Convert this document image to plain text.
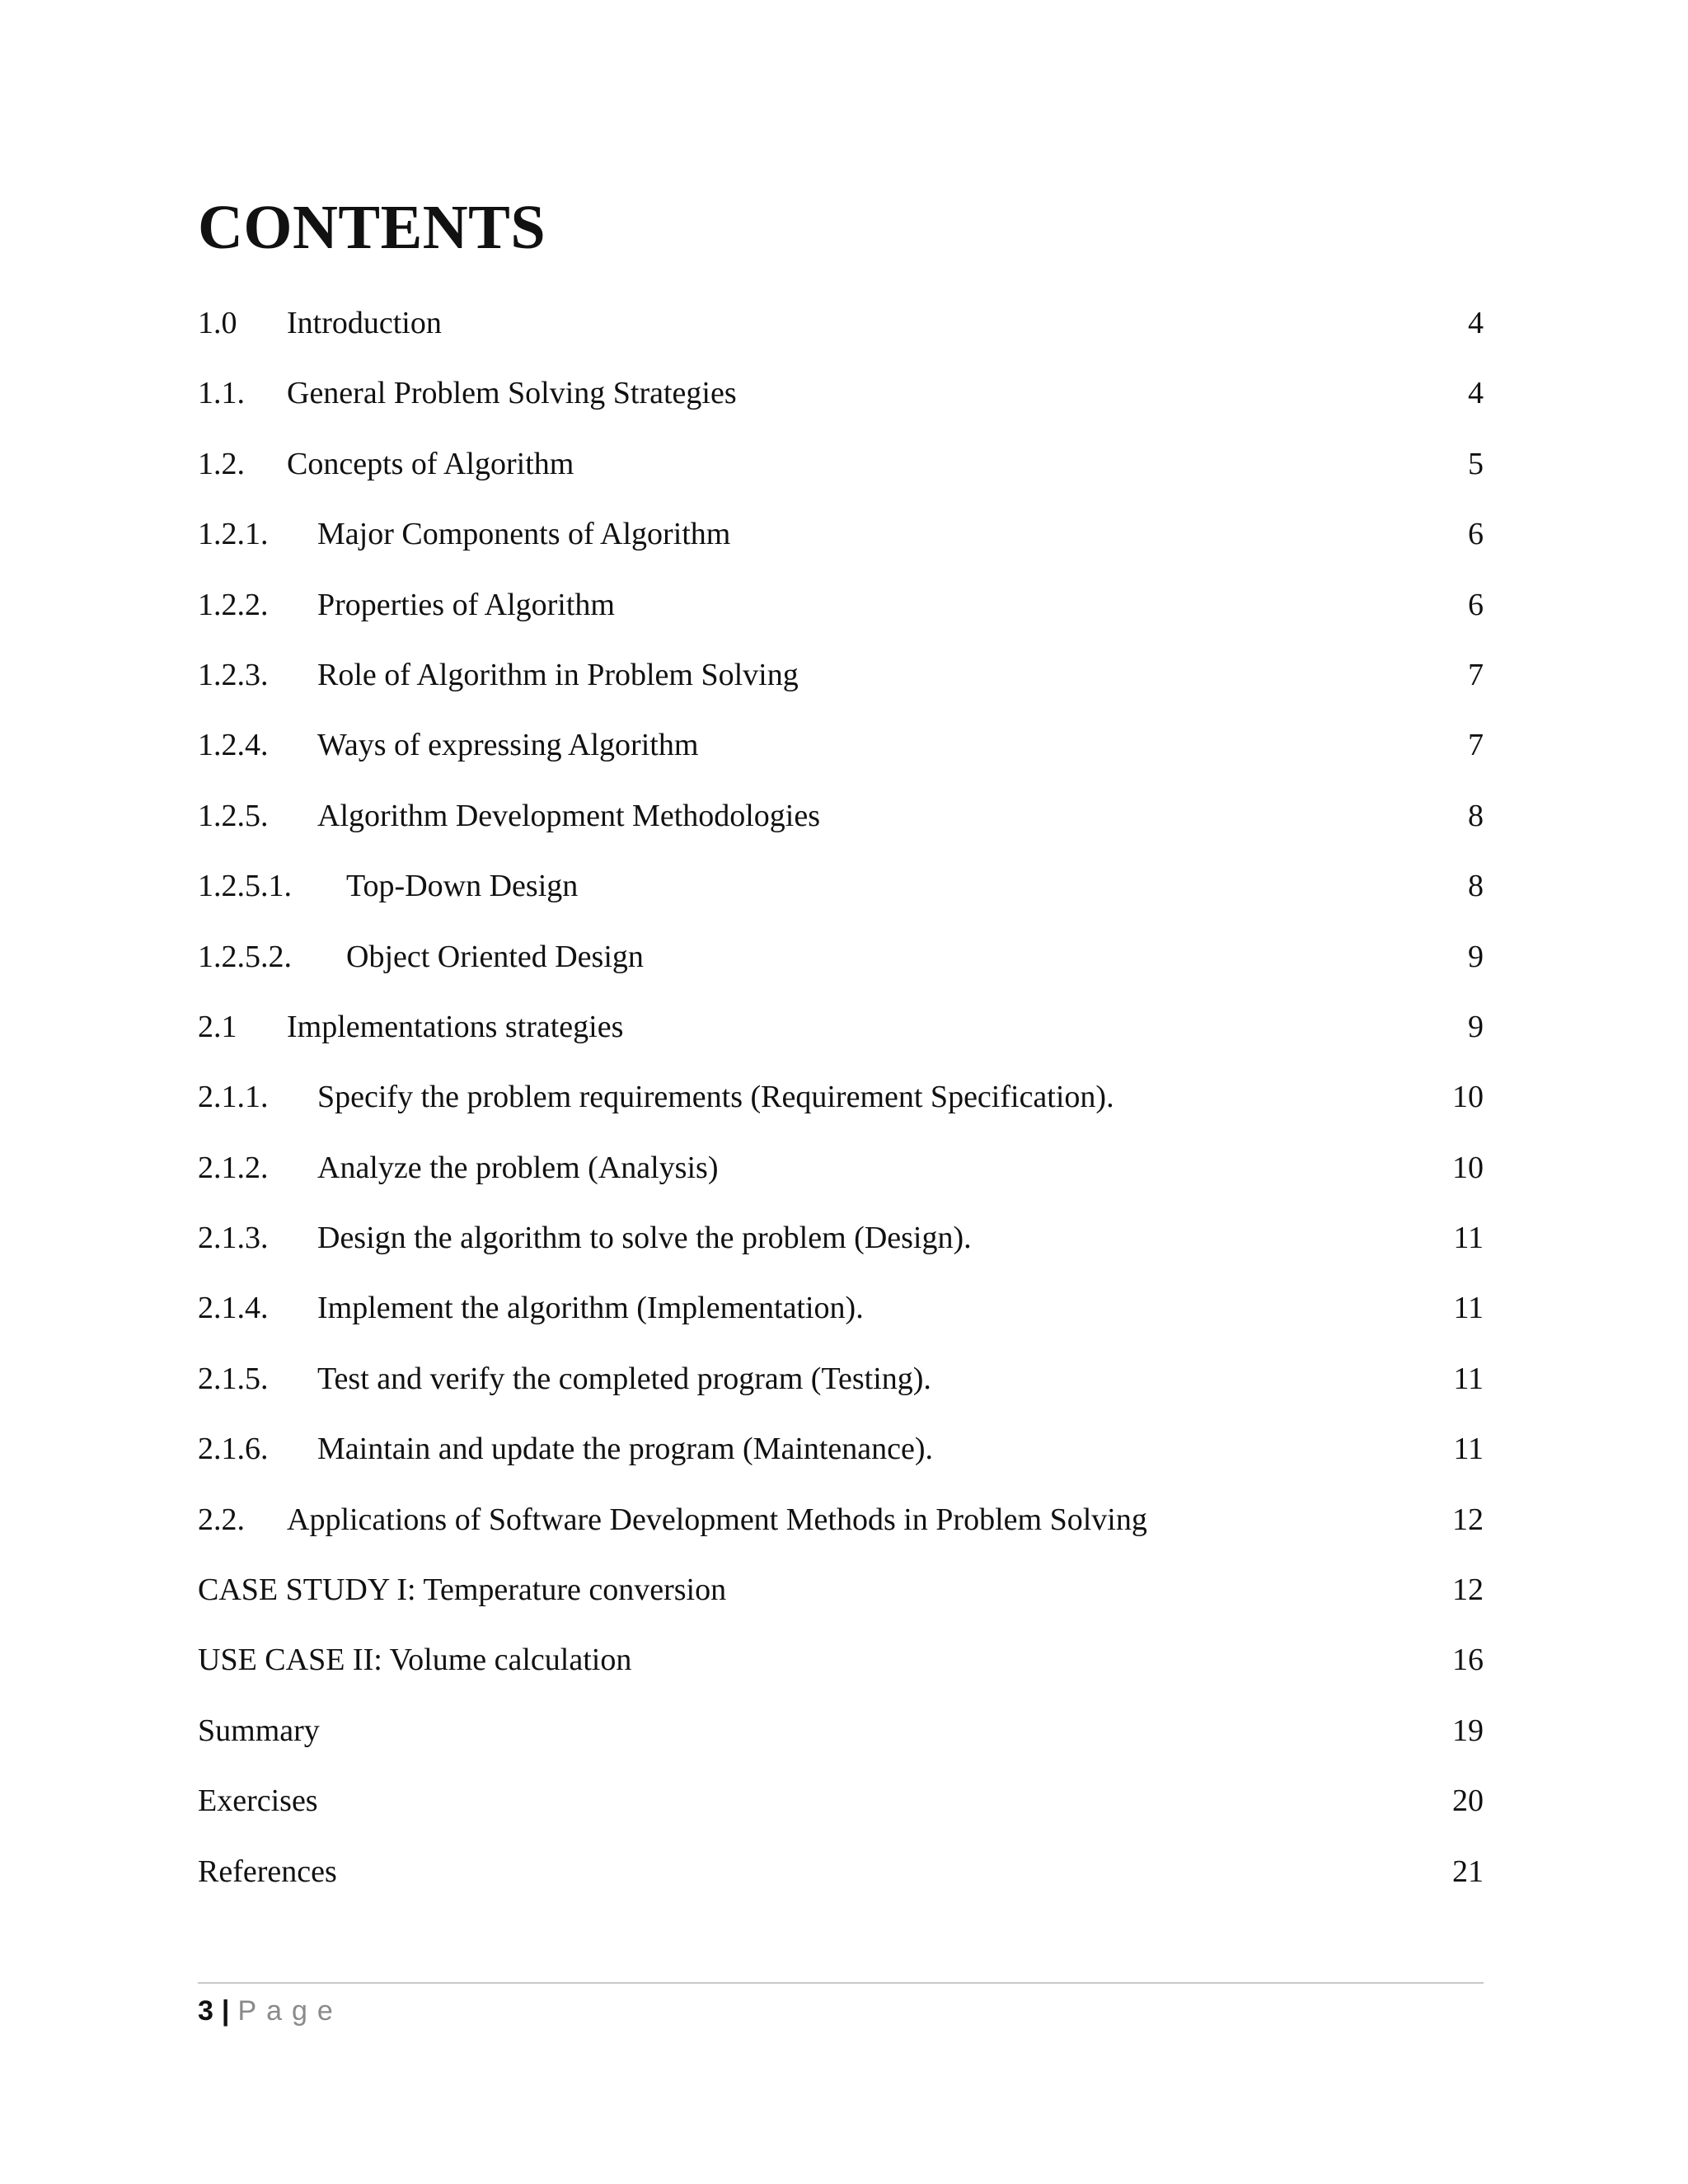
CONTENTS
1.0 Introduction	4
1.1. General Problem Solving Strategies	4
1.2. Concepts of Algorithm	5
1.2.1. Major Components of Algorithm	6
1.2.2. Properties of Algorithm	6
1.2.3. Role of Algorithm in Problem Solving	7
1.2.4. Ways of expressing Algorithm	7
1.2.5. Algorithm Development Methodologies	8
1.2.5.1. Top-Down Design	8
1.2.5.2. Object Oriented Design	9
2.1 Implementations strategies	9
2.1.1. Specify the problem requirements (Requirement Specification).	10
2.1.2. Analyze the problem (Analysis)	10
2.1.3. Design the algorithm to solve the problem (Design).	11
2.1.4. Implement the algorithm (Implementation).	11
2.1.5. Test and verify the completed program (Testing).	11
2.1.6. Maintain and update the program (Maintenance).	11
2.2. Applications of Software Development Methods in Problem Solving	12
CASE STUDY I: Temperature conversion	12
USE CASE II: Volume calculation	16
Summary	19
Exercises	20
References	21
3 | Page
